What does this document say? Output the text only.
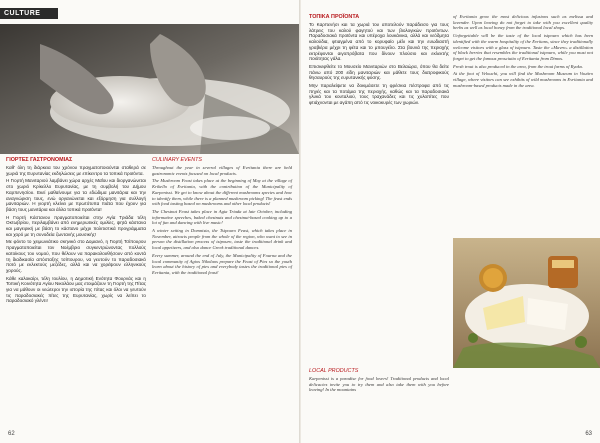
CULTURE
ΓΙΟΡΤΕΣ ΓΑΣΤΡΟΝΟΜΙΑΣ

Καθ' όλη τη διάρκεια του χρόνου πραγματοποιούνται σταθερά σε χωριά της Ευρυτανίας εκδηλώσεις με επίκεντρο τα τοπικά προϊόντα.

Η Γιορτή Μανιταριού λαμβάνει χώρα αρχές Μαΐου και διοργανώνεται στο χωριό Κρίκελλο Ευρυτανίας, με τη συμβολή του Δήμου Καρπενησίου. Εκεί μαθαίνουμε για τα εδώδιμα μανιτάρια και την αναγνώριση τους, ενώ οργανώνεται και εξόρμηση για συλλογή μανιταριών. Η γιορτή κλείνει με πρωτότυπα πιάτα που έχουν για βάση τους μανιτάρια και άλλα τοπικά προϊόντα!

Η Γιορτή Κάστανου πραγματοποιείται στην Αγία Τριάδα τέλη Οκτωβρίου, περιλαμβάνει από ενημερωτικές ομιλίες, ψητά κάστανα και μαγειρική με βάση το κάστανο μέχρι πολιτιστικά προγράμματα και χορό με τη συνοδεία ζωντανής μουσικής!

Με φόντο το χειμωνιάτικο σκηνικό στο Δομιανό, η Γιορτή Τσίπουρου πραγματοποιείται τον Νοέμβριο συγκεντρώνοντας πολλούς κατοίκους του νομού, που θέλουν να παρακολουθήσουν από κοντά τη διαδικασία απόσταξης τσίπουρου, να γευτούν το παραδοσιακό ποτό με εκλεκτούς μεζέδες, αλλά και να χορέψουν ελληνικούς χορούς.

Κάθε καλοκαίρι, τέλη Ιουλίου, η Δημοτική Ενότητα Φουρνάς και η Τοπική Κοινότητα Αγίου Νικολάου μας ετοιμάζουν τη Γιορτή της Πίτας για να μάθουν οι νεώτεροι την ιστορία της πίτας και όλοι να γευτούν τις παραδοσιακές πίτες της Ευρυτανίας, χωρίς να λείπει το παραδοσιακό γλέντι!

CULINARY EVENTS

Throughout the year in several villages of Evritania there are held gastronomic events focused on local products.

The Mushroom Feast takes place at the beginning of May at the village of Krikello of Evritania, with the contribution of the Municipality of Karpenissi. We get to know about the different mushrooms species and how to identify them, while there is a planned mushroom picking! The feast ends with food tasting based on mushrooms and other local products!

The Chestnut Feast takes place in Agia Triada at late October, including informative speeches, baked chestnuts and chestnut-based cooking up to a lot of fun and dancing with live music!

A winter setting in Domnista, the Tsipouro Feast, which takes place in November, attracts people from the whole of the region, who want to see in person the distillation process of tsipouro, taste the traditional drink and local appetizers, and also dance Greek traditional dances.

Every summer, around the end of July, the Municipality of Fourna and the local community of Agios Nikolaos prepare the Feast of Pies so the youth learn about the history of pies and everybody tastes the traditional pies of Evritania, with the traditional feast!

62
ΤΟΠΙΚΑ ΠΡΟΪΟΝΤΑ

Το Καρπενήσι και τα χωριά του αποτελούν παράδεισο για τους λάτρεις του καλού φαγητού και των βιολογικών προϊόντων. Παραδοσιακά προϊόντα και υπέροχα λουκάνικα, αλλά και νεόδμητα καλούδια, φτιαγμένα από το κορυφαίο μέλι και την ευωδιαστή γραβιέρα μέχρι τη φέτα και το μπουγέλο. Στα βουνά της περιοχής εκτρέφονται αιγοπρόβατα που δίνουν πλούσιο και εκλεκτής ποιότητας γάλα.

Επισκεφθείτε το Μουσείο Μανιταριών στο Βελαώρα, όπου θα δείτε πάνω από 200 είδη μανιταριών και μάθετε τους διατροφικούς θησαυρούς της ευρυτανικής φύσης.

Μην παραλείψετε να δοκιμάσετε τη φρέσκια πέστροφα από τις πηγές και τα ποτάμια της περιοχής, καθώς και τα παραδοσιακά γλυκά του κουταλιού, τους τραχανάδες και τις χυλοπίτες που φτιάχνονται με αγάπη από τις νοικοκυρές των χωριών.

of Evritania grow the most delicious infusions such as melissa and lavender. Upon leaving do not forget to take with you excellent quality herbs as well as local honey from the traditional local shops.

Unforgettable will be the taste of the local tsipouro which has been identified with the warm hospitality of the Evritans, since they traditionally welcome visitors with a glass of tsipouro. Taste the «Mavro» a distillation of black berries that resembles the traditional tsipouro, while you must not forget to get the famous prosciutto of Evritania from Dimos.

Fresh trout is also produced in the area, from the trout farms of Ryako.

At the foot of Velouchi, you will find the Mushroom Museum in Voutiro village, where visitors can see exhibits of wild mushrooms in Evritania and mushroom-based products made in the area.

LOCAL PRODUCTS

Karpenissi is a paradise for food lovers! Traditional products and local delicacies invite you to try them and also take them with you before leaving! In the mountains

63
